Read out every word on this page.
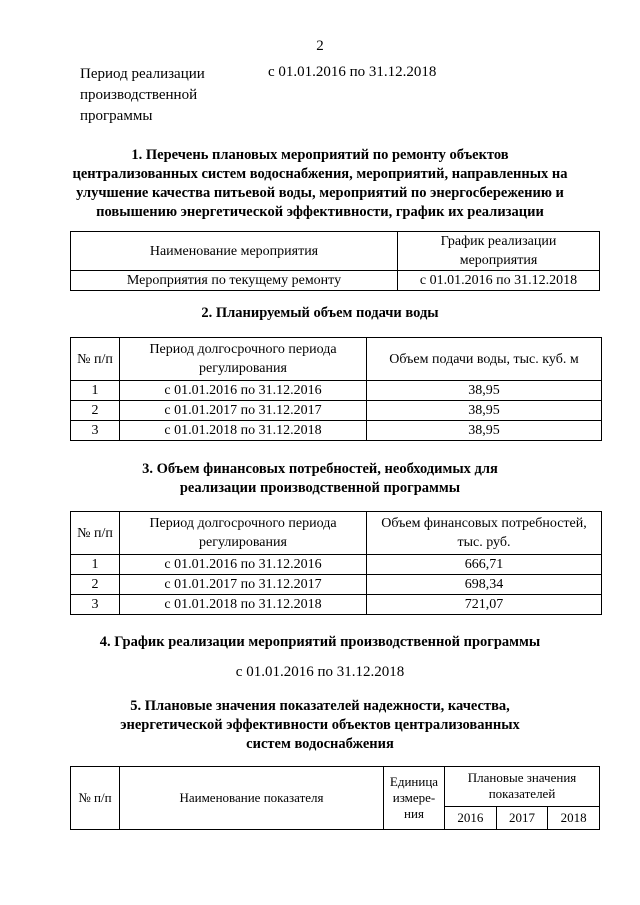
2
Период реализации
производственной
программы
с 01.01.2016 по 31.12.2018
1. Перечень плановых мероприятий по ремонту объектов
централизованных систем водоснабжения, мероприятий, направленных на
улучшение качества питьевой воды, мероприятий по энергосбережению и
повышению энергетической эффективности, график их реализации
Наименование мероприятия	График реализации мероприятия
Мероприятия по текущему ремонту	с 01.01.2016 по 31.12.2018
2. Планируемый объем подачи воды
№ п/п	Период долгосрочного периода регулирования	Объем подачи воды, тыс. куб. м
1	с 01.01.2016 по 31.12.2016	38,95
2	с 01.01.2017 по 31.12.2017	38,95
3	с 01.01.2018 по 31.12.2018	38,95
3. Объем финансовых потребностей, необходимых для
реализации производственной программы
№ п/п	Период долгосрочного периода регулирования	Объем финансовых потребностей, тыс. руб.
1	с 01.01.2016 по 31.12.2016	666,71
2	с 01.01.2017 по 31.12.2017	698,34
3	с 01.01.2018 по 31.12.2018	721,07
4. График реализации мероприятий производственной программы
с 01.01.2016 по 31.12.2018
5. Плановые значения показателей надежности, качества,
энергетической эффективности объектов централизованных
систем водоснабжения
№ п/п	Наименование показателя	Единица измере- ния	Плановые значения показателей		
			2016	2017	2018
